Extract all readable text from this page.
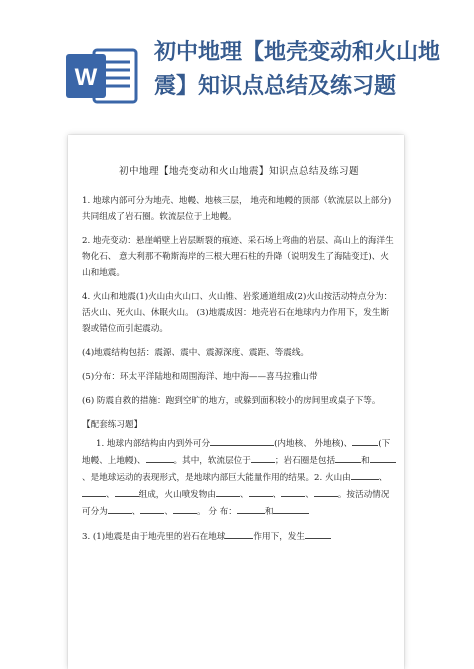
W
初中地理【地壳变动和火山地震】知识点总结及练习题
初中地理【地壳变动和火山地震】知识点总结及练习题

1. 地球内部可分为地壳、地幔、地核三层， 地壳和地幔的顶部（软流层以上部分)共同组成了岩石圈。软流层位于上地幔。

2. 地壳变动：悬崖峭壁上岩层断裂的痕迹、采石场上弯曲的岩层、高山上的海洋生物化石、 意大利那不勒斯海岸的三根大理石柱的升降（说明发生了海陆变迁)、火山和地震。

4. 火山和地震(1)火山由火山口、火山锥、岩浆通道组成(2)火山按活动特点分为：活火山、死火山、休眠火山。 (3)地震成因：地壳岩石在地球内力作用下，发生断裂或错位而引起震动。

(4)地震结构包括：震源、震中、震源深度、震距、等震线。

(5)分布：环太平洋陆地和周围海洋、地中海——喜马拉雅山带

(6) 防震自救的措施：跑到空旷的地方，或躲到面积较小的房间里或桌子下等。

【配套练习题】

1. 地球内部结构由内到外可分	(内地核、 外地核)、	(下地幔、上地幔)、	。其中，软流层位于	；岩石圈是包括	和、是地球运动的表现形式，是地球内部巨大能量作用的结果。2. 火山由	、、	组成，火山喷发物由	、	、	、	。按活动情况可分为	、	、	。 分 布：	和

3. (1)地震是由于地壳里的岩石在地球	作用下，发生
